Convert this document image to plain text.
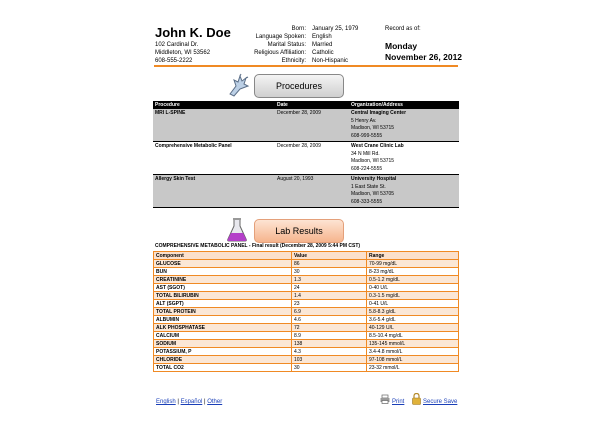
John K. Doe
102 Cardinal Dr.
Middleton, WI 53562
608-555-2222
Born: January 25, 1979
Language Spoken: English
Marital Status: Married
Religious Affiliation: Catholic
Ethnicity: Non-Hispanic
Record as of:
Monday
November 26, 2012
Procedures
Procedure	Date	Organization/Address
MRI L-SPINE	December 28, 2009	Central Imaging Center
5 Henry Av.
Madison, WI 53715
608-999-5555

Comprehensive Metabolic Panel	December 28, 2009	West Crane Clinic Lab
34 N Mill Rd.
Madison, WI 53715
608-224-5555

Allergy Skin Test	August 20, 1993	University Hospital
1 East State St.
Madison, WI 53705
608-333-5555
Lab Results
COMPREHENSIVE METABOLIC PANEL - Final result (December 28, 2009 5:44 PM CST)
Component	Value	Range
GLUCOSE	86	70-99 mg/dL
BUN	30	8-23 mg/dL
CREATININE	1.3	0.5-1.2 mg/dL
AST (SGOT)	24	0-40 U/L
TOTAL BILIRUBIN	1.4	0.3-1.5 mg/dL
ALT (SGPT)	23	0-41 U/L
TOTAL PROTEIN	6.9	5.8-8.3 g/dL
ALBUMIN	4.6	3.6-5.4 g/dL
ALK PHOSPHATASE	72	40-129 U/L
CALCIUM	8.9	8.5-10.4 mg/dL
SODIUM	138	135-145 mmol/L
POTASSIUM, P	4.3	3.4-4.8 mmol/L
CHLORIDE	103	97-108 mmol/L
TOTAL CO2	30	23-32 mmol/L
English | Español | Other	Print	Secure Save
